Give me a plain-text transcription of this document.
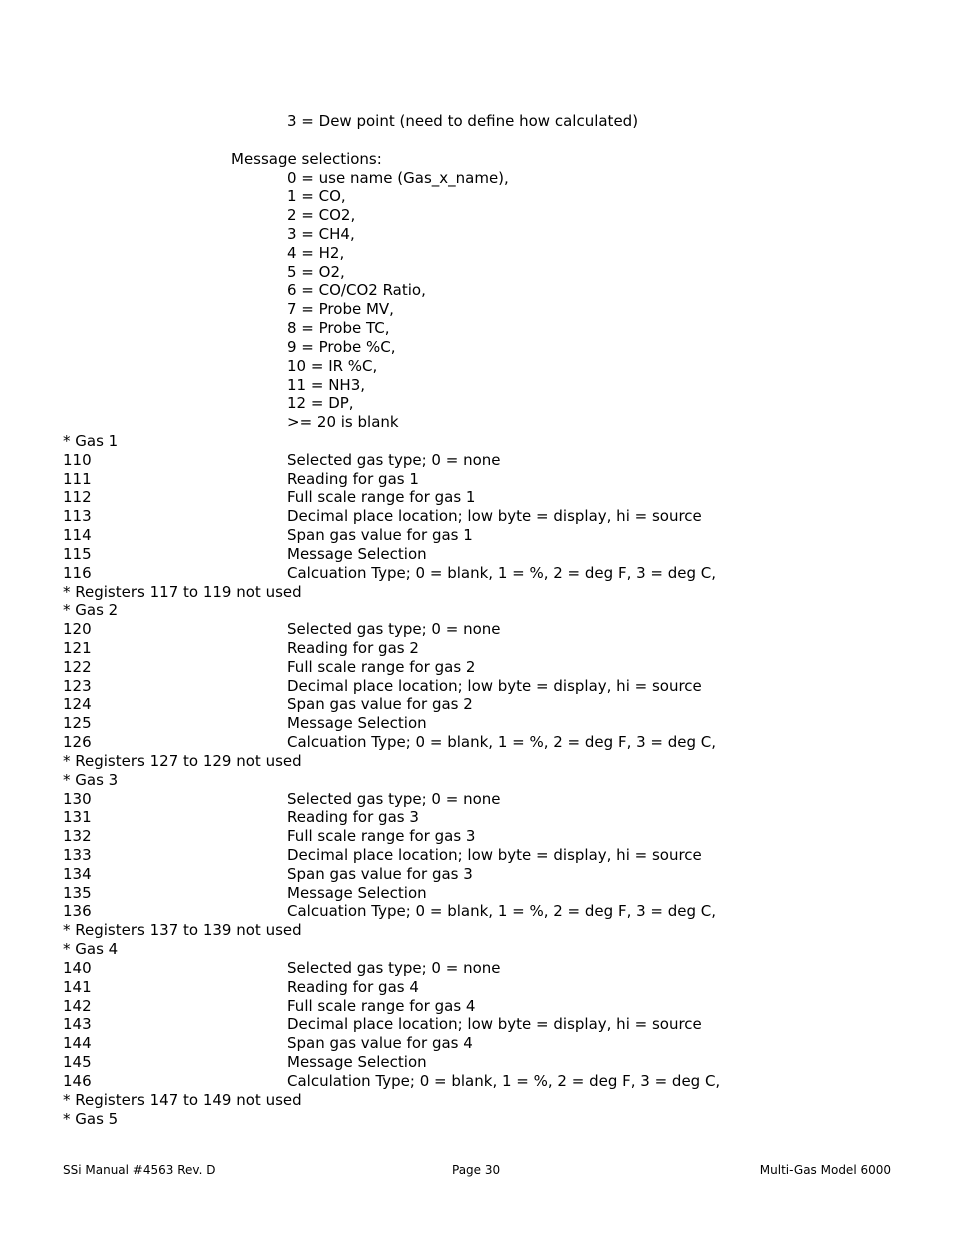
3 = Dew point (need to define how calculated)
Message selections:
0 = use name (Gas_x_name),
1 = CO,
2 = CO2,
3 = CH4,
4 = H2,
5 = O2,
6 = CO/CO2 Ratio,
7 = Probe MV,
8 = Probe TC,
9 = Probe %C,
10 = IR %C,
11 = NH3,
12 = DP,
>= 20 is blank
* Gas 1
110	Selected gas type; 0 = none
111	Reading for gas 1
112	Full scale range for gas 1
113	Decimal place location; low byte = display, hi = source
114	Span gas value for gas 1
115	Message Selection
116	Calcuation Type; 0 = blank, 1 = %, 2 = deg F, 3 = deg C,
* Registers 117 to 119 not used
* Gas 2
120	Selected gas type; 0 = none
121	Reading for gas 2
122	Full scale range for gas 2
123	Decimal place location; low byte = display, hi = source
124	Span gas value for gas 2
125	Message Selection
126	Calcuation Type; 0 = blank, 1 = %, 2 = deg F, 3 = deg C,
* Registers 127 to 129 not used
* Gas 3
130	Selected gas type; 0 = none
131	Reading for gas 3
132	Full scale range for gas 3
133	Decimal place location; low byte = display, hi = source
134	Span gas value for gas 3
135	Message Selection
136	Calcuation Type; 0 = blank, 1 = %, 2 = deg F, 3 = deg C,
* Registers 137 to 139 not used
* Gas 4
140	Selected gas type; 0 = none
141	Reading for gas 4
142	Full scale range for gas 4
143	Decimal place location; low byte = display, hi = source
144	Span gas value for gas 4
145	Message Selection
146	Calculation Type; 0 = blank, 1 = %, 2 = deg F, 3 = deg C,
* Registers 147 to 149 not used
* Gas 5
SSi Manual #4563 Rev. D	Page 30	Multi-Gas Model 6000
